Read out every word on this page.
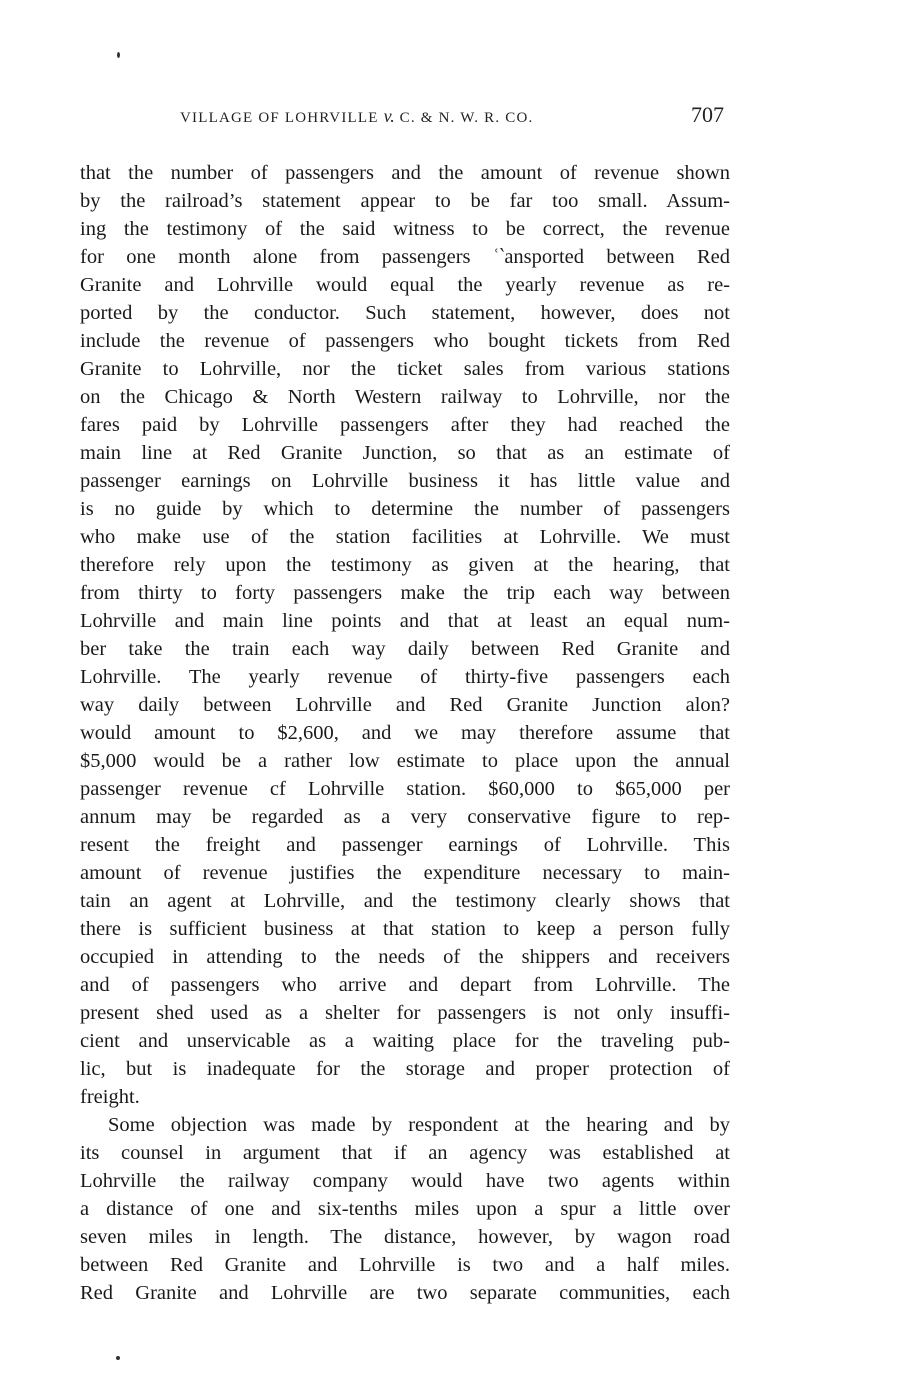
VILLAGE OF LOHRVILLE v. C. & N. W. R. CO.	707
that the number of passengers and the amount of revenue shown
by the railroad’s statement appear to be far too small. Assum-
ing the testimony of the said witness to be correct, the revenue
for one month alone from passengers ʿ‵ansported between Red
Granite and Lohrville would equal the yearly revenue as re-
ported by the conductor. Such statement, however, does not
include the revenue of passengers who bought tickets from Red
Granite to Lohrville, nor the ticket sales from various stations
on the Chicago & North Western railway to Lohrville, nor the
fares paid by Lohrville passengers after they had reached the
main line at Red Granite Junction, so that as an estimate of
passenger earnings on Lohrville business it has little value and
is no guide by which to determine the number of passengers
who make use of the station facilities at Lohrville. We must
therefore rely upon the testimony as given at the hearing, that
from thirty to forty passengers make the trip each way between
Lohrville and main line points and that at least an equal num-
ber take the train each way daily between Red Granite and
Lohrville. The yearly revenue of thirty-five passengers each
way daily between Lohrville and Red Granite Junction alon?
would amount to $2,600, and we may therefore assume that
$5,000 would be a rather low estimate to place upon the annual
passenger revenue cf Lohrville station. $60,000 to $65,000 per
annum may be regarded as a very conservative figure to rep-
resent the freight and passenger earnings of Lohrville. This
amount of revenue justifies the expenditure necessary to main-
tain an agent at Lohrville, and the testimony clearly shows that
there is sufficient business at that station to keep a person fully
occupied in attending to the needs of the shippers and receivers
and of passengers who arrive and depart from Lohrville. The
present shed used as a shelter for passengers is not only insuffi-
cient and unservicable as a waiting place for the traveling pub-
lic, but is inadequate for the storage and proper protection of
freight.
Some objection was made by respondent at the hearing and by
its counsel in argument that if an agency was established at
Lohrville the railway company would have two agents within
a distance of one and six-tenths miles upon a spur a little over
seven miles in length. The distance, however, by wagon road
between Red Granite and Lohrville is two and a half miles.
Red Granite and Lohrville are two separate communities, each
